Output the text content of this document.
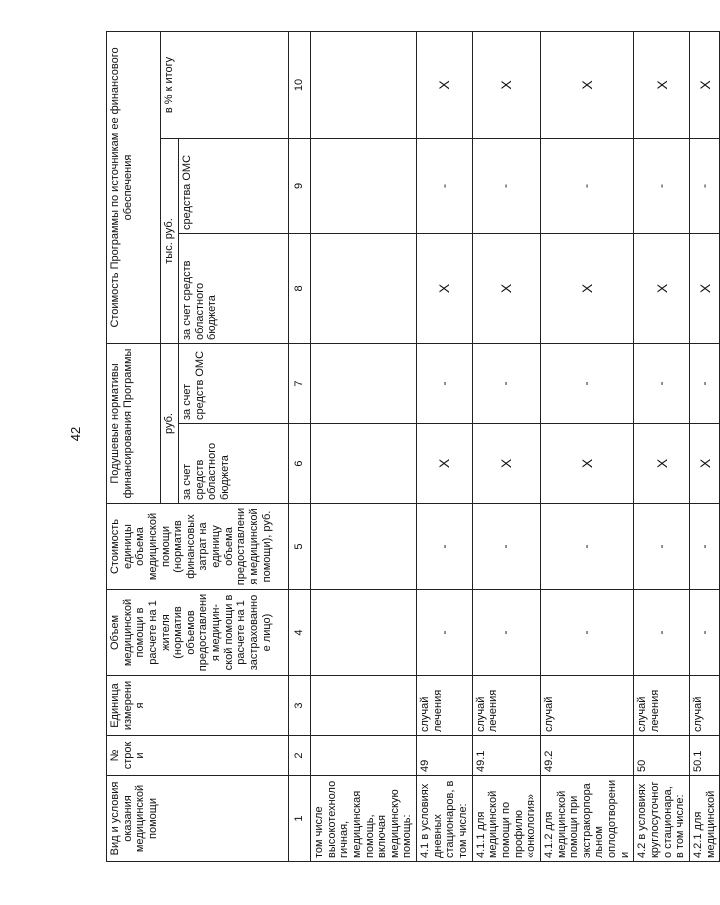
42
Вид и условия оказания медицинской помощи	№ строки	Единица измерения	Объем медицинской помощи в расчете на 1 жителя (норматив объемов предоставлени я медицин-ской помощи в расчете на 1 застрахованно е лицо)	Стоимость единицы объема медицинской помощи (норматив финансовых затрат на единицу объема предоставления медицинской помощи), руб.	Подушевые нормативы финансирования Программы		Стоимость Программы по источникам ее финансового обеспечения		
					руб.		тыс. руб.		в % к итогу
					за счет средств областного бюджета	за счет средств ОМС	за счет средств областного бюджета	средства ОМС	
1	2	3	4	5	6	7	8	9	10
том числе высокотехнологичная, медицинская помощь, включая медицинскую помощь:									
4.1 в условиях дневных стационаров, в том числе:	49	случай лечения	-	-	X	-	X	-	X
4.1.1 для медицинской помощи по профилю «онкология»	49.1	случай лечения	-	-	X	-	X	-	X
4.1.2 для медицинской помощи при экстракорпоральном оплодотворении	49.2	случай	-	-	X	-	X	-	X
4.2 в условиях круглосуточного стационара, в том числе:	50	случай лечения	-	-	X	-	X	-	X
4.2.1 для медицинской	50.1	случай	-	-	X	-	X	-	X
